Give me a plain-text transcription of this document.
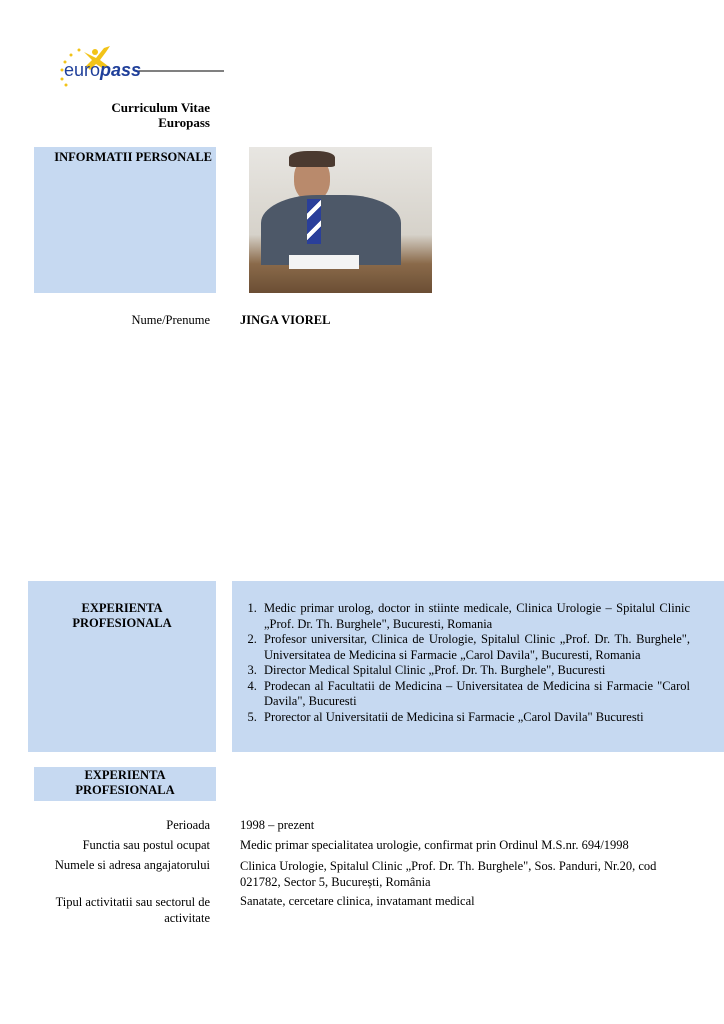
europass
Curriculum Vitae
Europass
INFORMATII PERSONALE
Nume/Prenume JINGA VIOREL
EXPERIENTA
PROFESIONALA
1. Medic primar urolog, doctor in stiinte medicale, Clinica Urologie – Spitalul Clinic „Prof. Dr. Th. Burghele", Bucuresti, Romania
2. Profesor universitar, Clinica de Urologie, Spitalul Clinic „Prof. Dr. Th. Burghele", Universitatea de Medicina si Farmacie „Carol Davila", Bucuresti, Romania
3. Director Medical Spitalul Clinic „Prof. Dr. Th. Burghele", Bucuresti
4. Prodecan al Facultatii de Medicina – Universitatea de Medicina si Farmacie "Carol Davila", Bucuresti
5. Prorector al Universitatii de Medicina si Farmacie „Carol Davila" Bucuresti
EXPERIENTA
PROFESIONALA
Perioada 1998 – prezent
Functia sau postul ocupat Medic primar specialitatea urologie, confirmat prin Ordinul M.S.nr. 694/1998
Numele si adresa angajatorului Clinica Urologie, Spitalul Clinic „Prof. Dr. Th. Burghele", Sos. Panduri, Nr.20, cod 021782, Sector 5, București, România
Tipul activitatii sau sectorul de activitate
Sanatate, cercetare clinica, invatamant medical
